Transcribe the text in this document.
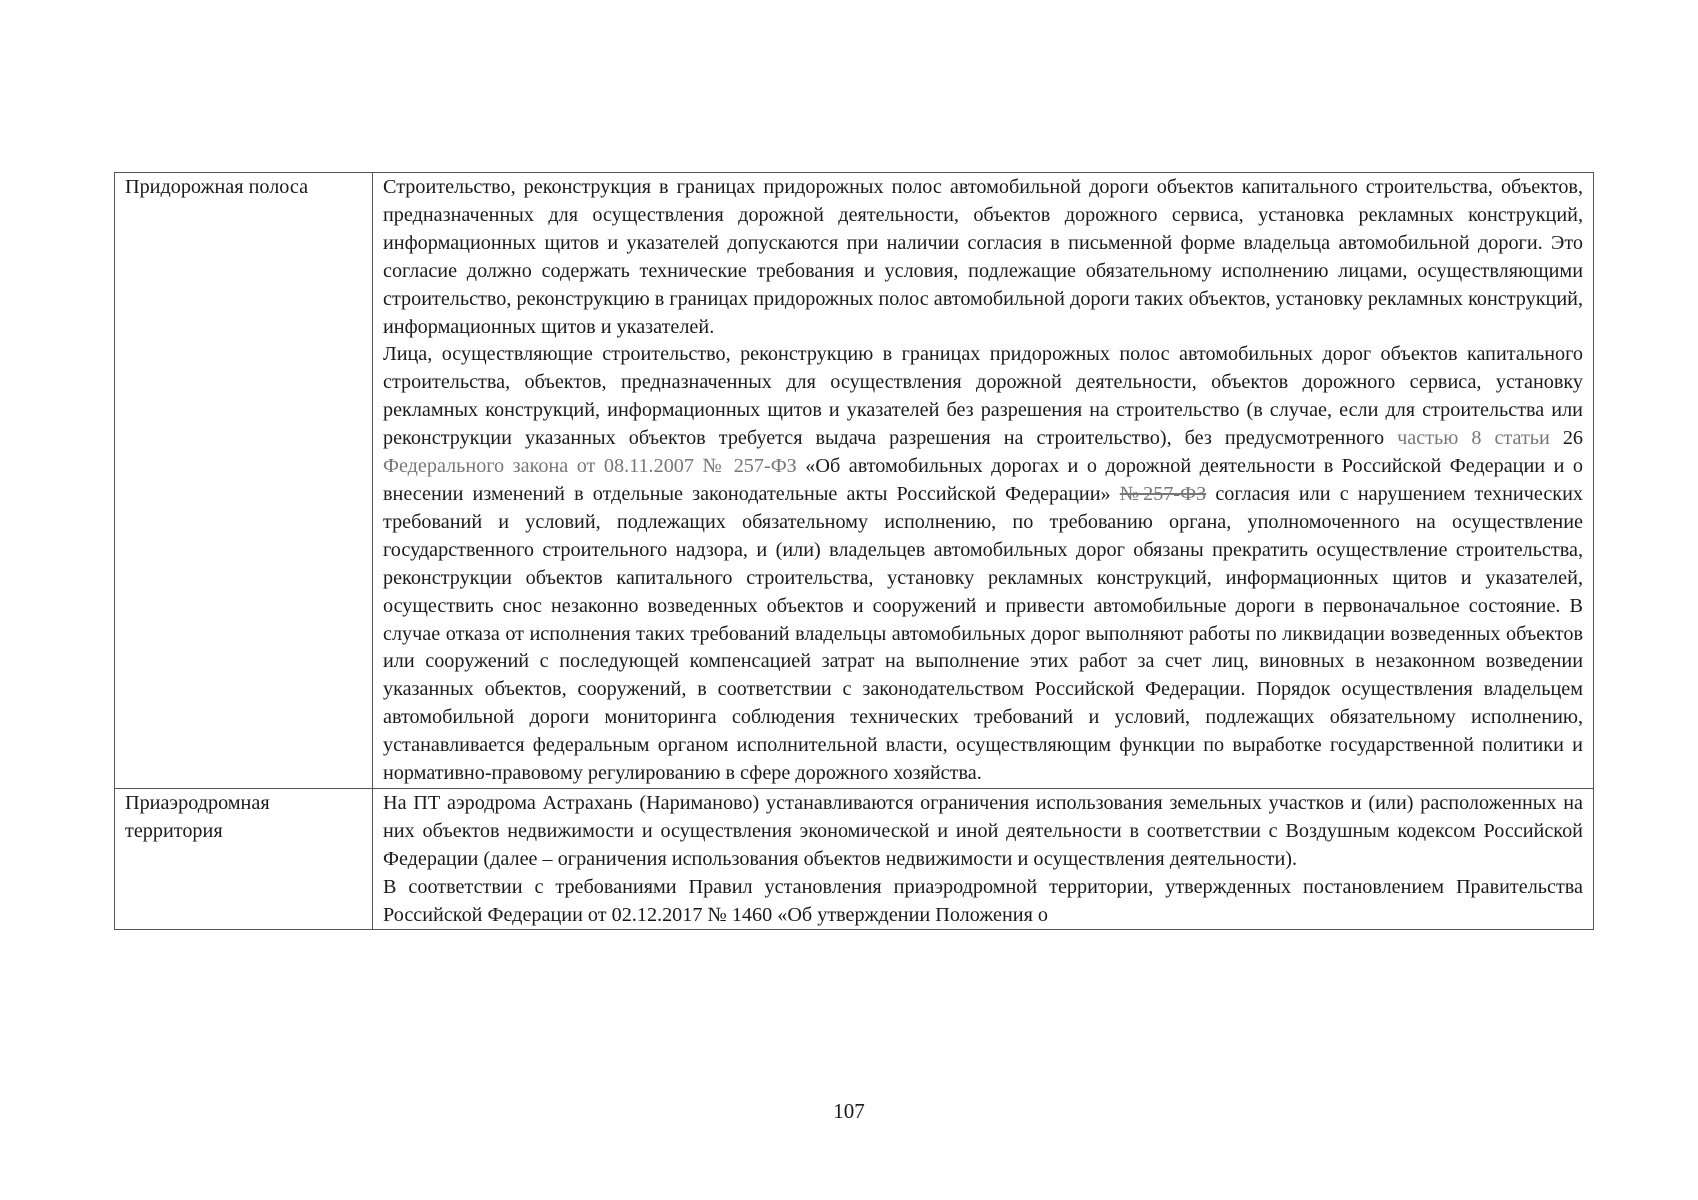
Придорожная полоса	Строительство, реконструкция в границах придорожных полос автомобильной дороги объектов капитального строительства, объектов, предназначенных для осуществления дорожной деятельности, объектов дорожного сервиса, установка рекламных конструкций, информационных щитов и указателей допускаются при наличии согласия в письменной форме владельца автомобильной дороги. Это согласие должно содержать технические требования и условия, подлежащие обязательному исполнению лицами, осуществляющими строительство, реконструкцию в границах придорожных полос автомобильной дороги таких объектов, установку рекламных конструкций, информационных щитов и указателей.

Лица, осуществляющие строительство, реконструкцию в границах придорожных полос автомобильных дорог объектов капитального строительства, объектов, предназначенных для осуществления дорожной деятельности, объектов дорожного сервиса, установку рекламных конструкций, информационных щитов и указателей без разрешения на строительство (в случае, если для строительства или реконструкции указанных объектов требуется выдача разрешения на строительство), без предусмотренного частью 8 статьи 26 Федерального закона от 08.11.2007 № 257-ФЗ «Об автомобильных дорогах и о дорожной деятельности в Российской Федерации и о внесении изменений в отдельные законодательные акты Российской Федерации» №257-ФЗ согласия или с нарушением технических требований и условий, подлежащих обязательному исполнению, по требованию органа, уполномоченного на осуществление государственного строительного надзора, и (или) владельцев автомобильных дорог обязаны прекратить осуществление строительства, реконструкции объектов капитального строительства, установку рекламных конструкций, информационных щитов и указателей, осуществить снос незаконно возведенных объектов и сооружений и привести автомобильные дороги в первоначальное состояние. В случае отказа от исполнения таких требований владельцы автомобильных дорог выполняют работы по ликвидации возведенных объектов или сооружений с последующей компенсацией затрат на выполнение этих работ за счет лиц, виновных в незаконном возведении указанных объектов, сооружений, в соответствии с законодательством Российской Федерации. Порядок осуществления владельцем автомобильной дороги мониторинга соблюдения технических требований и условий, подлежащих обязательному исполнению, устанавливается федеральным органом исполнительной власти, осуществляющим функции по выработке государственной политики и нормативно-правовому регулированию в сфере дорожного хозяйства.

Приаэродромная территория	На ПТ аэродрома Астрахань (Нариманово) устанавливаются ограничения использования земельных участков и (или) расположенных на них объектов недвижимости и осуществления экономической и иной деятельности в соответствии с Воздушным кодексом Российской Федерации (далее – ограничения использования объектов недвижимости и осуществления деятельности).

В соответствии с требованиями Правил установления приаэродромной территории, утвержденных постановлением Правительства Российской Федерации от 02.12.2017 № 1460 «Об утверждении Положения о

107
